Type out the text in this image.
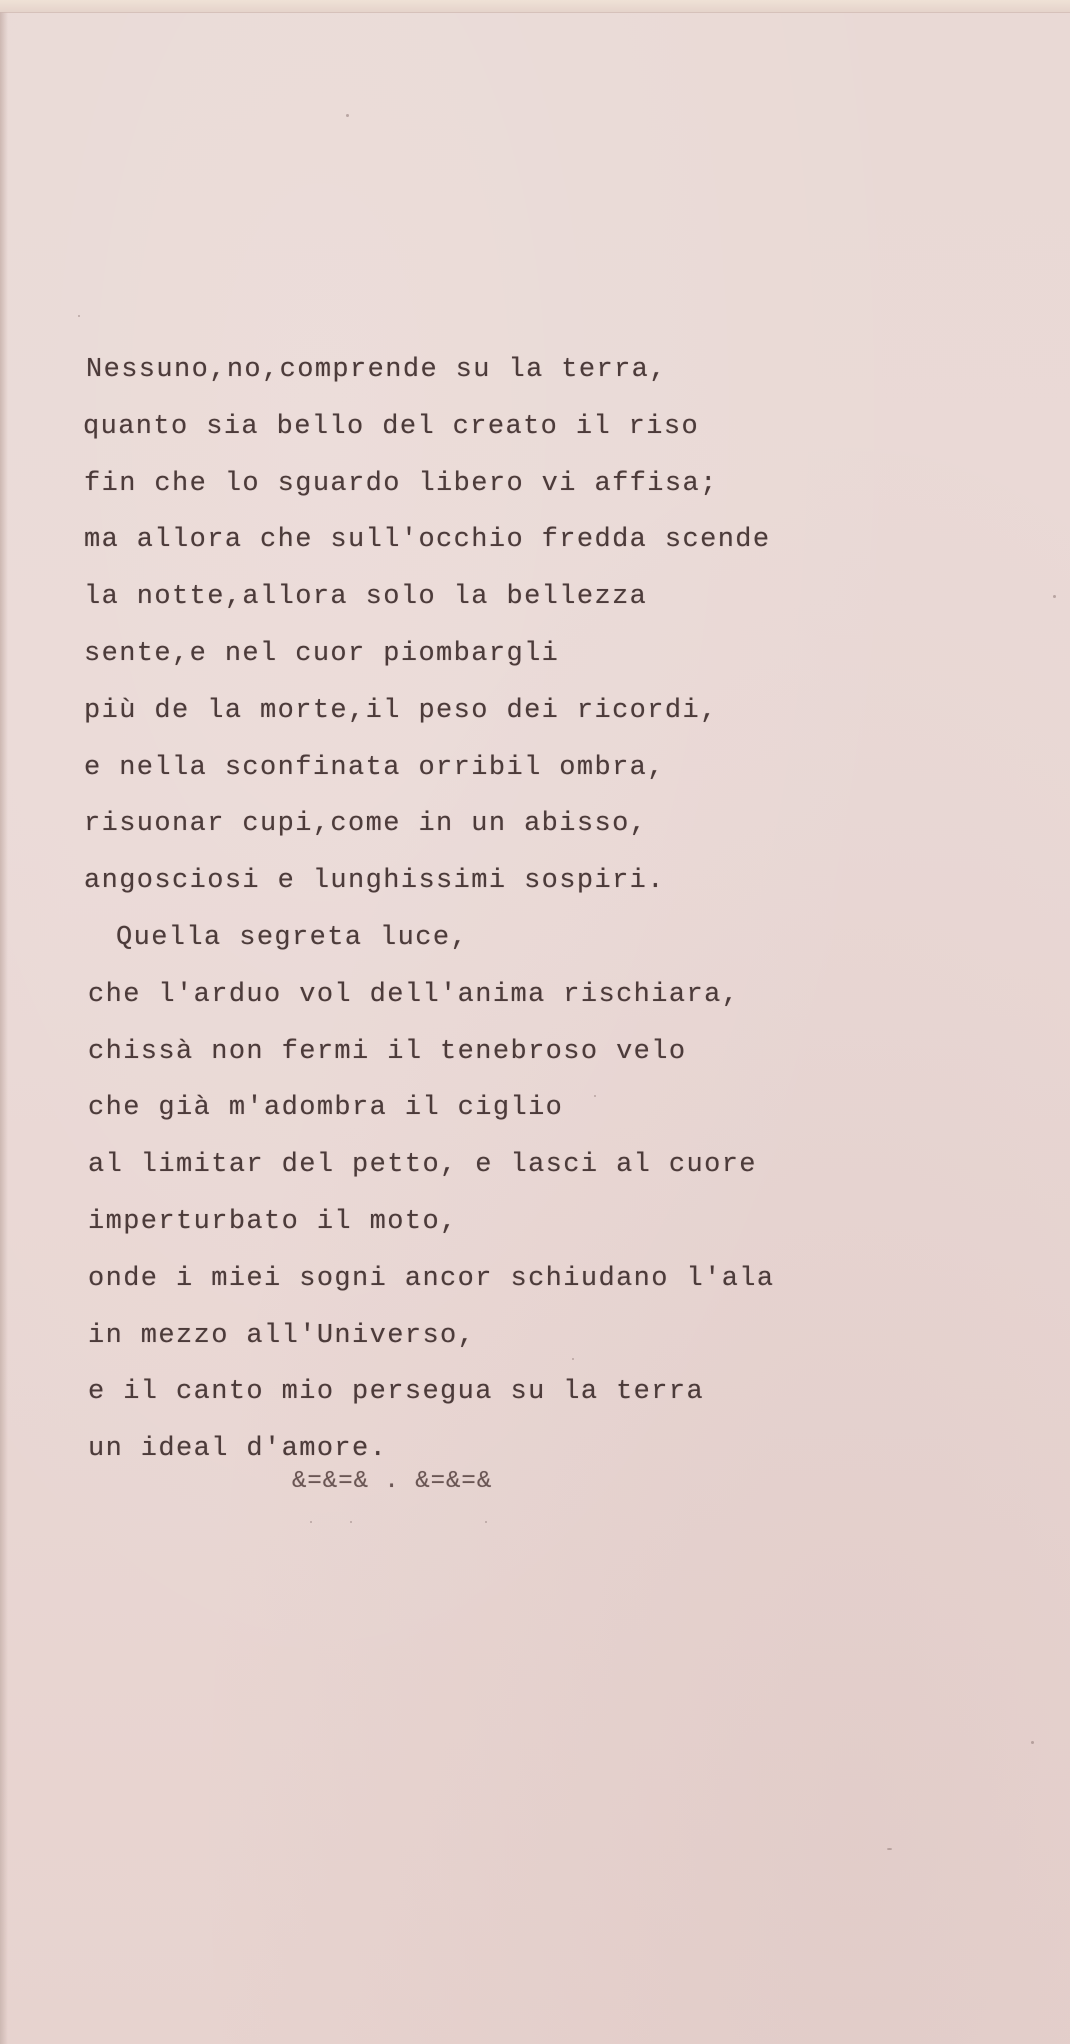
Nessuno,no,comprende su la terra,
quanto sia bello del creato il riso
fin che lo sguardo libero vi affisa;
ma allora che sull'occhio fredda scende
la notte,allora solo la bellezza
sente,e nel cuor piombargli
più de la morte,il peso dei ricordi,
e nella sconfinata orribil ombra,
risuonar cupi,come in un abisso,
angosciosi e lunghissimi sospiri.
Quella segreta luce,
che l'arduo vol dell'anima rischiara,
chissà non fermi il tenebroso velo
che già m'adombra il ciglio
al limitar del petto, e lasci al cuore
imperturbato il moto,
onde i miei sogni ancor schiudano l'ala
in mezzo all'Universo,
e il canto mio persegua su la terra
un ideal d'amore.
&=&=& . &=&=&
